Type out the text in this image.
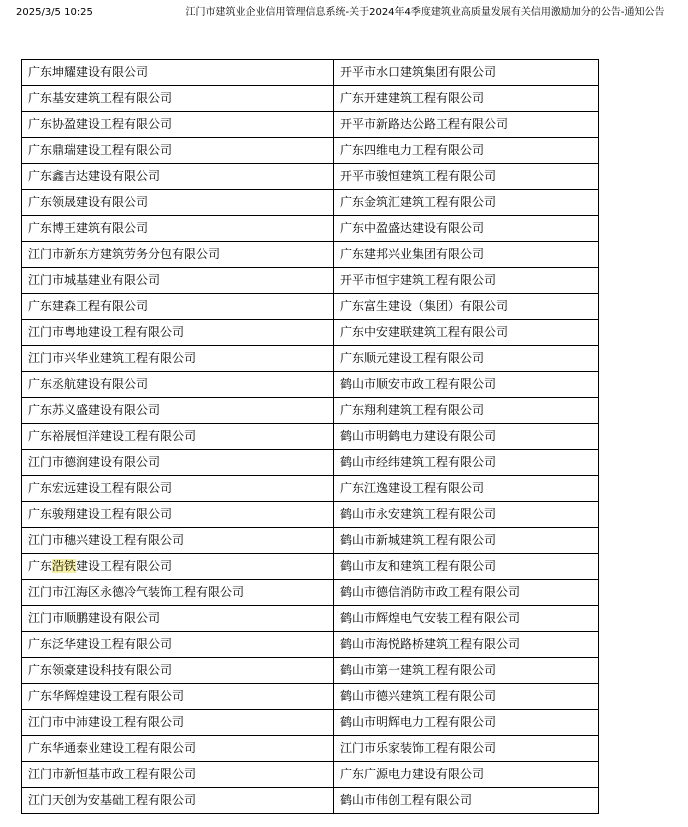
2025/3/5 10:25	江门市建筑业企业信用管理信息系统-关于2024年4季度建筑业高质量发展有关信用激励加分的公告-通知公告
广东坤耀建设有限公司	开平市水口建筑集团有限公司
广东基安建筑工程有限公司	广东开建建筑工程有限公司
广东协盈建设工程有限公司	开平市新路达公路工程有限公司
广东鼎瑞建设工程有限公司	广东四维电力工程有限公司
广东鑫吉达建设有限公司	开平市骏恒建筑工程有限公司
广东领晟建设有限公司	广东金筑汇建筑工程有限公司
广东博王建筑有限公司	广东中盈盛达建设有限公司
江门市新东方建筑劳务分包有限公司	广东建邦兴业集团有限公司
江门市城基建业有限公司	开平市恒宇建筑工程有限公司
广东建森工程有限公司	广东富生建设（集团）有限公司
江门市粤地建设工程有限公司	广东中安建联建筑工程有限公司
江门市兴华业建筑工程有限公司	广东顺元建设工程有限公司
广东丞航建设有限公司	鹤山市顺安市政工程有限公司
广东苏义盛建设有限公司	广东翔利建筑工程有限公司
广东裕展恒洋建设工程有限公司	鹤山市明鹤电力建设有限公司
江门市德润建设有限公司	鹤山市经纬建筑工程有限公司
广东宏远建设工程有限公司	广东江逸建设工程有限公司
广东骏翔建设工程有限公司	鹤山市永安建筑工程有限公司
江门市穗兴建设工程有限公司	鹤山市新城建筑工程有限公司
广东浩铁建设工程有限公司	鹤山市友和建筑工程有限公司
江门市江海区永德冷气装饰工程有限公司	鹤山市德信消防市政工程有限公司
江门市顺鹏建设有限公司	鹤山市辉煌电气安装工程有限公司
广东泛华建设工程有限公司	鹤山市海悦路桥建筑工程有限公司
广东领豪建设科技有限公司	鹤山市第一建筑工程有限公司
广东华辉煌建设工程有限公司	鹤山市德兴建筑工程有限公司
江门市中沛建设工程有限公司	鹤山市明辉电力工程有限公司
广东华通泰业建设工程有限公司	江门市乐家装饰工程有限公司
江门市新恒基市政工程有限公司	广东广源电力建设有限公司
江门天创为安基础工程有限公司	鹤山市伟创工程有限公司
